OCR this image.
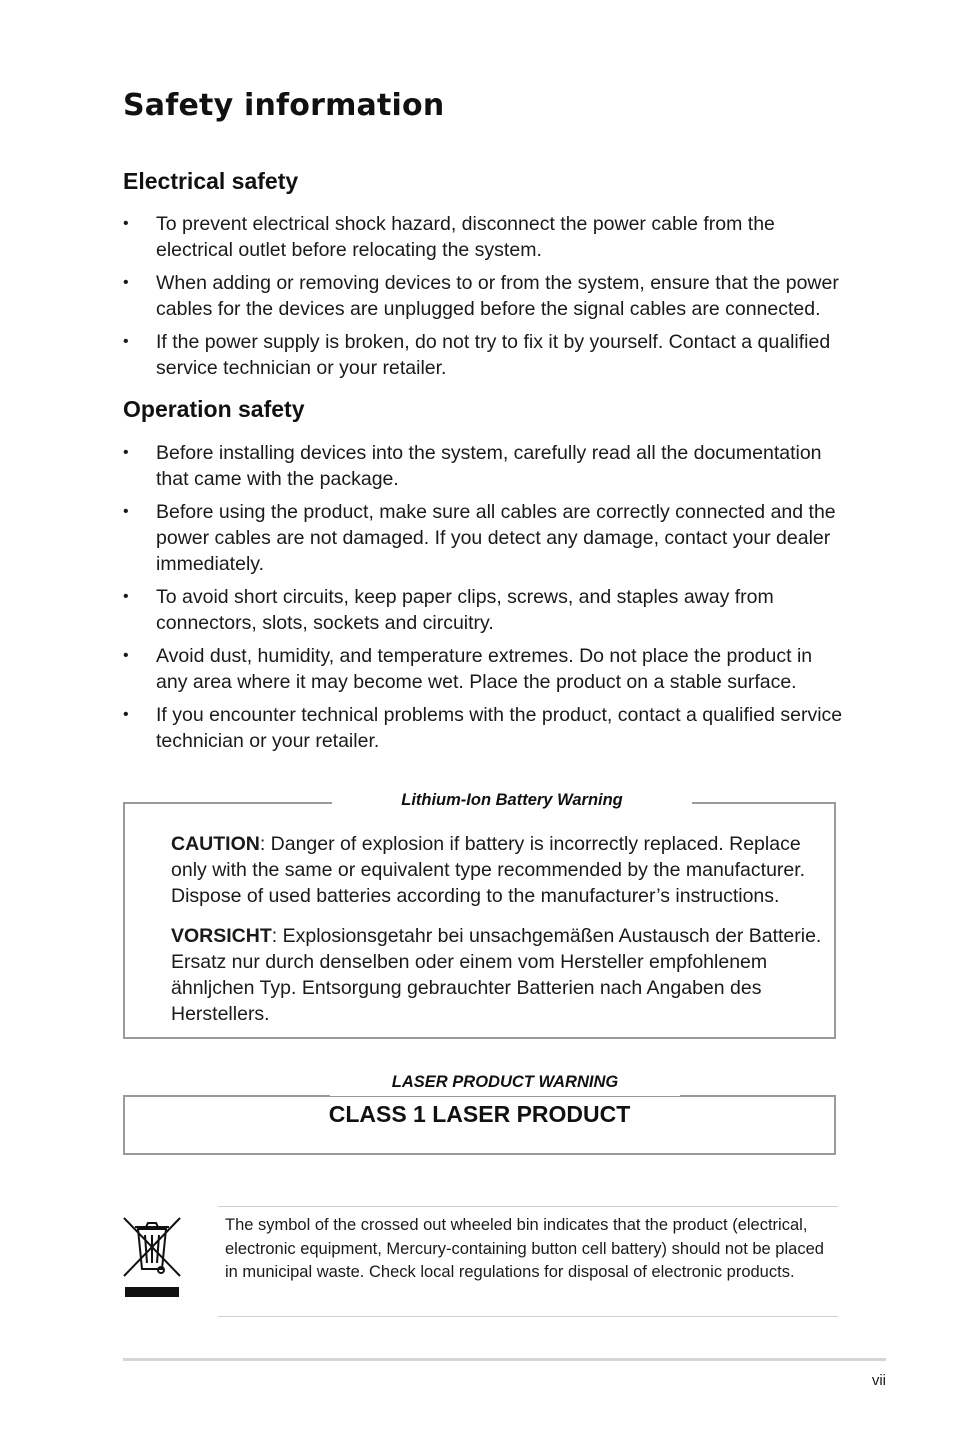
Safety information
Electrical safety
• To prevent electrical shock hazard, disconnect the power cable from the electrical outlet before relocating the system.
• When adding or removing devices to or from the system, ensure that the power cables for the devices are unplugged before the signal cables are connected.
• If the power supply is broken, do not try to fix it by yourself. Contact a qualified service technician or your retailer.
Operation safety
• Before installing devices into the system, carefully read all the documentation that came with the package.
• Before using the product, make sure all cables are correctly connected and the power cables are not damaged. If you detect any damage, contact your dealer immediately.
• To avoid short circuits, keep paper clips, screws, and staples away from connectors, slots, sockets and circuitry.
• Avoid dust, humidity, and temperature extremes. Do not place the product in any area where it may become wet. Place the product on a stable surface.
• If you encounter technical problems with the product, contact a qualified service technician or your retailer.
Lithium-Ion Battery Warning

CAUTION: Danger of explosion if battery is incorrectly replaced. Replace only with the same or equivalent type recommended by the manufacturer. Dispose of used batteries according to the manufacturer’s instructions.

VORSICHT: Explosionsgetahr bei unsachgemäßen Austausch der Batterie. Ersatz nur durch denselben oder einem vom Hersteller empfohlenem ähnljchen Typ. Entsorgung gebrauchter Batterien nach Angaben des Herstellers.

LASER PRODUCT WARNING
CLASS 1 LASER PRODUCT

The symbol of the crossed out wheeled bin indicates that the product (electrical, electronic equipment, Mercury-containing button cell battery) should not be placed in municipal waste. Check local regulations for disposal of electronic products.

vii
